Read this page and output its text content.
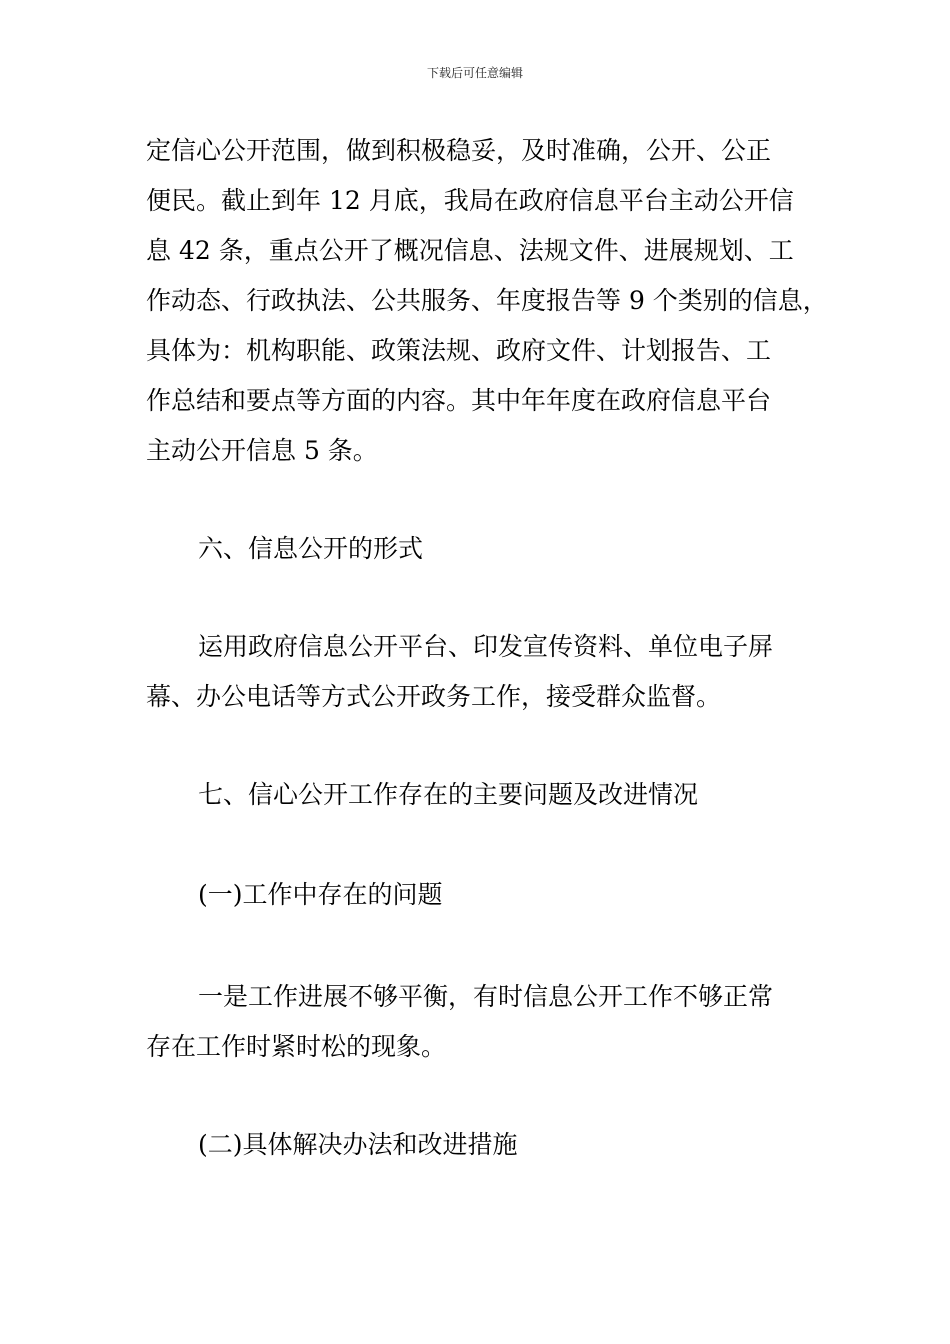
下载后可任意编辑
定信心公开范围，做到积极稳妥，及时准确，公开、公正
便民。截止到年 12 月底，我局在政府信息平台主动公开信
息 42 条，重点公开了概况信息、法规文件、进展规划、工
作动态、行政执法、公共服务、年度报告等 9 个类别的信息，
具体为：机构职能、政策法规、政府文件、计划报告、工
作总结和要点等方面的内容。其中年年度在政府信息平台
主动公开信息 5 条。
六、信息公开的形式
运用政府信息公开平台、印发宣传资料、单位电子屏
幕、办公电话等方式公开政务工作，接受群众监督。
七、信心公开工作存在的主要问题及改进情况
(一)工作中存在的问题
一是工作进展不够平衡，有时信息公开工作不够正常
存在工作时紧时松的现象。
(二)具体解决办法和改进措施
